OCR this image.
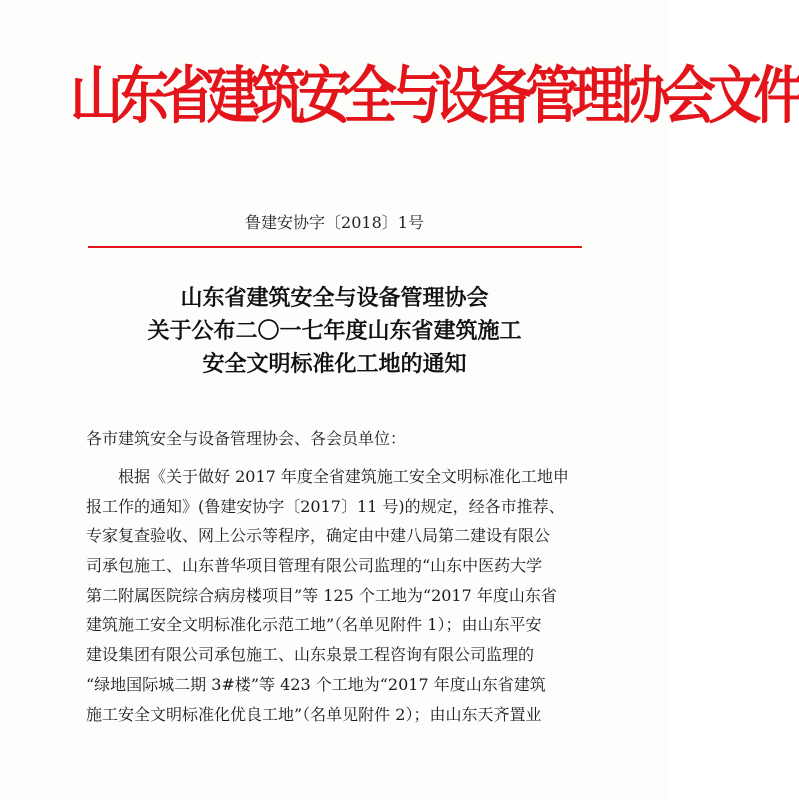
山东省建筑安全与设备管理协会文件
鲁建安协字〔2018〕1号
山东省建筑安全与设备管理协会
关于公布二〇一七年度山东省建筑施工
安全文明标准化工地的通知
各市建筑安全与设备管理协会、各会员单位：
根据《关于做好 2017 年度全省建筑施工安全文明标准化工地申
报工作的通知》(鲁建安协字〔2017〕11 号)的规定，经各市推荐、
专家复查验收、网上公示等程序，确定由中建八局第二建设有限公
司承包施工、山东普华项目管理有限公司监理的“山东中医药大学
第二附属医院综合病房楼项目”等 125 个工地为“2017 年度山东省
建筑施工安全文明标准化示范工地”（名单见附件 1）；由山东平安
建设集团有限公司承包施工、山东泉景工程咨询有限公司监理的
“绿地国际城二期 3#楼”等 423 个工地为“2017 年度山东省建筑
施工安全文明标准化优良工地”（名单见附件 2）；由山东天齐置业
